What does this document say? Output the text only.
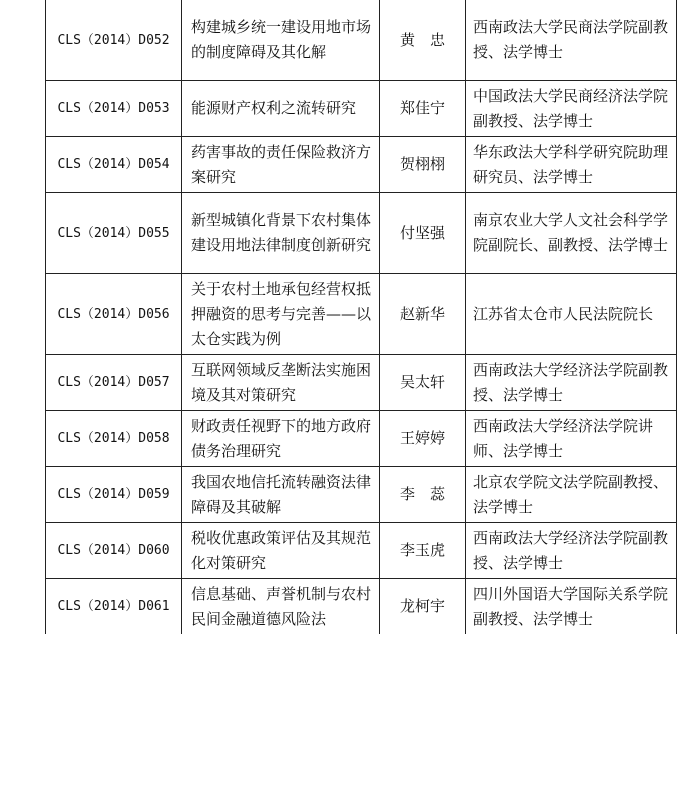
CLS（2014）D052	构建城乡统一建设用地市场的制度障碍及其化解	黄　忠	西南政法大学民商法学院副教授、法学博士
CLS（2014）D053	能源财产权利之流转研究	郑佳宁	中国政法大学民商经济法学院副教授、法学博士
CLS（2014）D054	药害事故的责任保险救济方案研究	贺栩栩	华东政法大学科学研究院助理研究员、法学博士
CLS（2014）D055	新型城镇化背景下农村集体建设用地法律制度创新研究	付坚强	南京农业大学人文社会科学学院副院长、副教授、法学博士
CLS（2014）D056	关于农村土地承包经营权抵押融资的思考与完善——以太仓实践为例	赵新华	江苏省太仓市人民法院院长
CLS（2014）D057	互联网领域反垄断法实施困境及其对策研究	吴太轩	西南政法大学经济法学院副教授、法学博士
CLS（2014）D058	财政责任视野下的地方政府债务治理研究	王婷婷	西南政法大学经济法学院讲师、法学博士
CLS（2014）D059	我国农地信托流转融资法律障碍及其破解	李　蕊	北京农学院文法学院副教授、法学博士
CLS（2014）D060	税收优惠政策评估及其规范化对策研究	李玉虎	西南政法大学经济法学院副教授、法学博士
CLS（2014）D061	信息基础、声誉机制与农村民间金融道德风险法	龙柯宇	四川外国语大学国际关系学院副教授、法学博士
